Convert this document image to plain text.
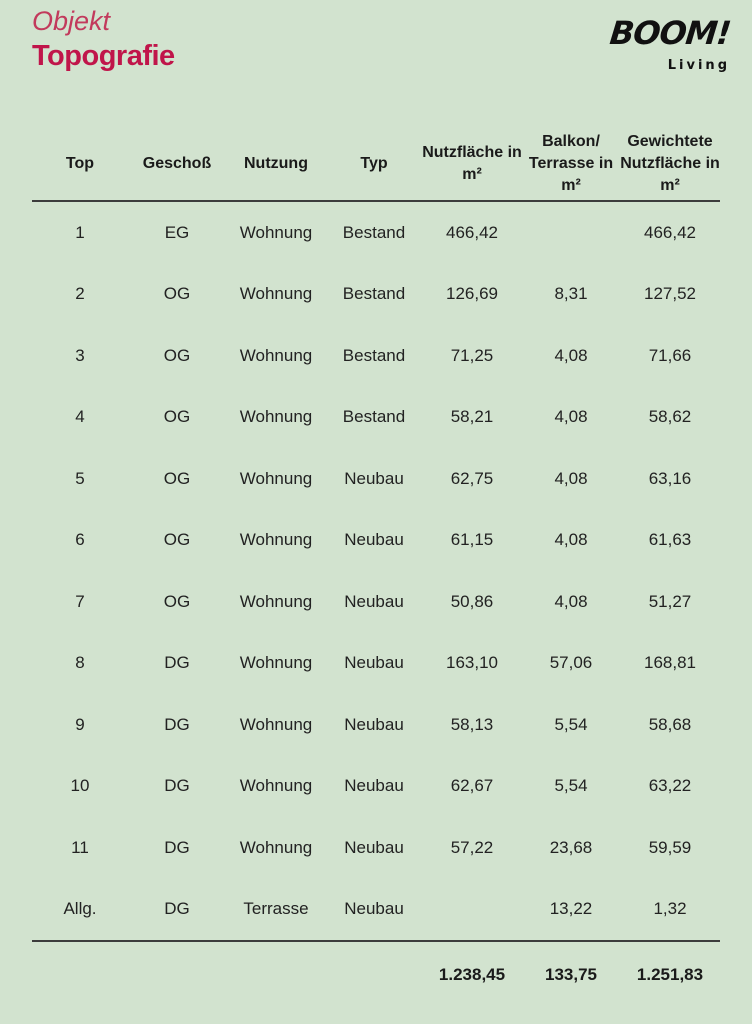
Objekt
Topografie
BOOM!
Living
Top	Geschoß	Nutzung	Typ	Nutzfläche in m²	Balkon/ Terrasse in m²	Gewichtete Nutzfläche in m²
1	EG	Wohnung	Bestand	466,42		466,42
2	OG	Wohnung	Bestand	126,69	8,31	127,52
3	OG	Wohnung	Bestand	71,25	4,08	71,66
4	OG	Wohnung	Bestand	58,21	4,08	58,62
5	OG	Wohnung	Neubau	62,75	4,08	63,16
6	OG	Wohnung	Neubau	61,15	4,08	61,63
7	OG	Wohnung	Neubau	50,86	4,08	51,27
8	DG	Wohnung	Neubau	163,10	57,06	168,81
9	DG	Wohnung	Neubau	58,13	5,54	58,68
10	DG	Wohnung	Neubau	62,67	5,54	63,22
11	DG	Wohnung	Neubau	57,22	23,68	59,59
Allg.	DG	Terrasse	Neubau		13,22	1,32
				1.238,45	133,75	1.251,83
